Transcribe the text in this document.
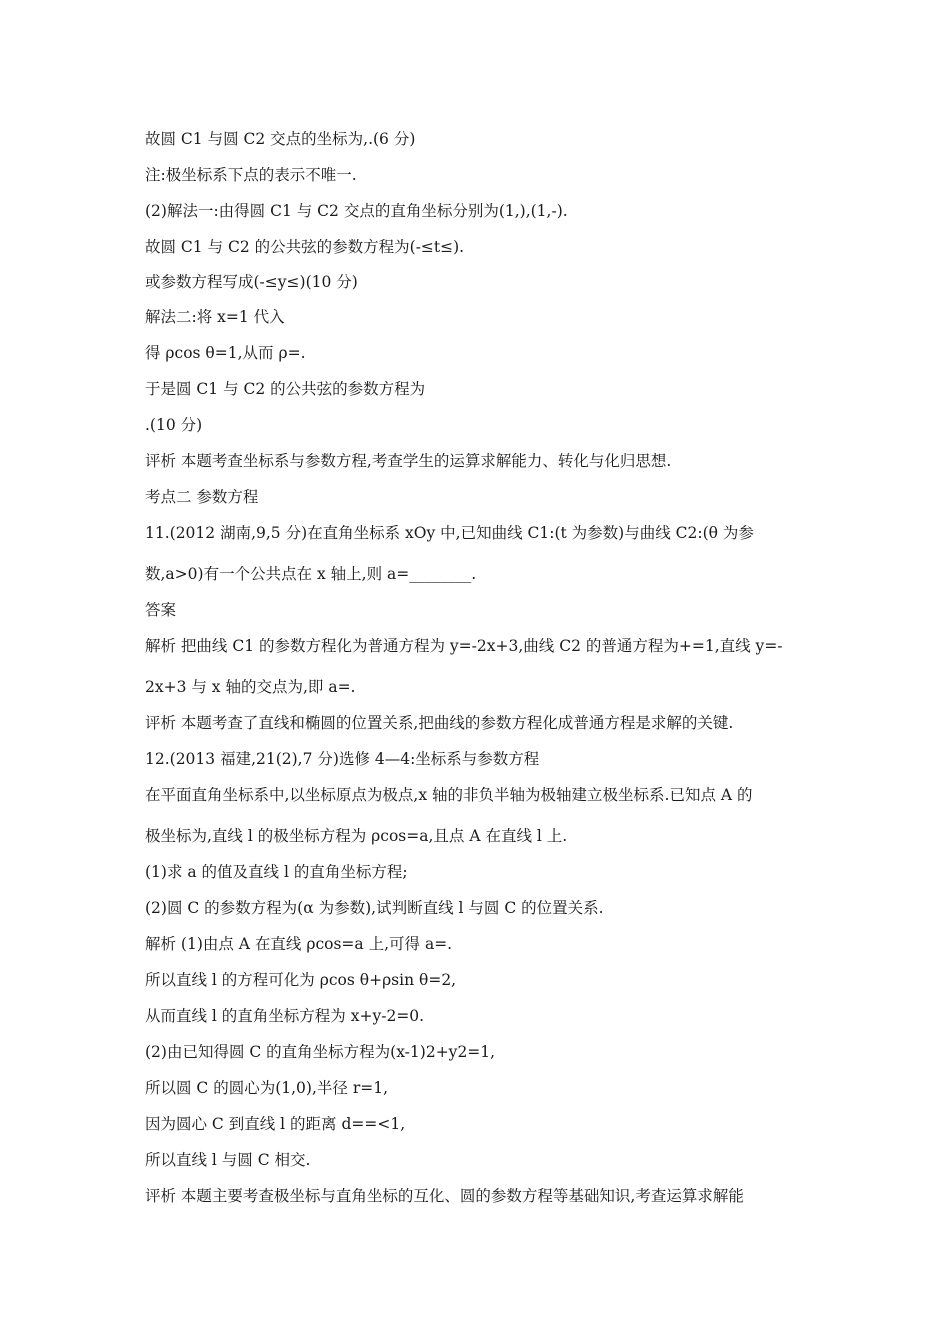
故圆 C1 与圆 C2 交点的坐标为,.(6 分)
注:极坐标系下点的表示不唯一.
(2)解法一:由得圆 C1 与 C2 交点的直角坐标分别为(1,),(1,-).
故圆 C1 与 C2 的公共弦的参数方程为(-≤t≤).
或参数方程写成(-≤y≤)(10 分)
解法二:将 x=1 代入
得 ρcos θ=1,从而 ρ=.
于是圆 C1 与 C2 的公共弦的参数方程为
.(10 分)
评析 本题考查坐标系与参数方程,考查学生的运算求解能力、转化与化归思想.
考点二 参数方程
11.(2012 湖南,9,5 分)在直角坐标系 xOy 中,已知曲线 C1:(t 为参数)与曲线 C2:(θ 为参
数,a>0)有一个公共点在 x 轴上,则 a=________.
答案
解析 把曲线 C1 的参数方程化为普通方程为 y=-2x+3,曲线 C2 的普通方程为+=1,直线 y=-
2x+3 与 x 轴的交点为,即 a=.
评析 本题考查了直线和椭圆的位置关系,把曲线的参数方程化成普通方程是求解的关键.
12.(2013 福建,21(2),7 分)选修 4—4:坐标系与参数方程
在平面直角坐标系中,以坐标原点为极点,x 轴的非负半轴为极轴建立极坐标系.已知点 A 的
极坐标为,直线 l 的极坐标方程为 ρcos=a,且点 A 在直线 l 上.
(1)求 a 的值及直线 l 的直角坐标方程;
(2)圆 C 的参数方程为(α 为参数),试判断直线 l 与圆 C 的位置关系.
解析 (1)由点 A 在直线 ρcos=a 上,可得 a=.
所以直线 l 的方程可化为 ρcos θ+ρsin θ=2,
从而直线 l 的直角坐标方程为 x+y-2=0.
(2)由已知得圆 C 的直角坐标方程为(x-1)2+y2=1,
所以圆 C 的圆心为(1,0),半径 r=1,
因为圆心 C 到直线 l 的距离 d==<1,
所以直线 l 与圆 C 相交.
评析 本题主要考查极坐标与直角坐标的互化、圆的参数方程等基础知识,考查运算求解能
